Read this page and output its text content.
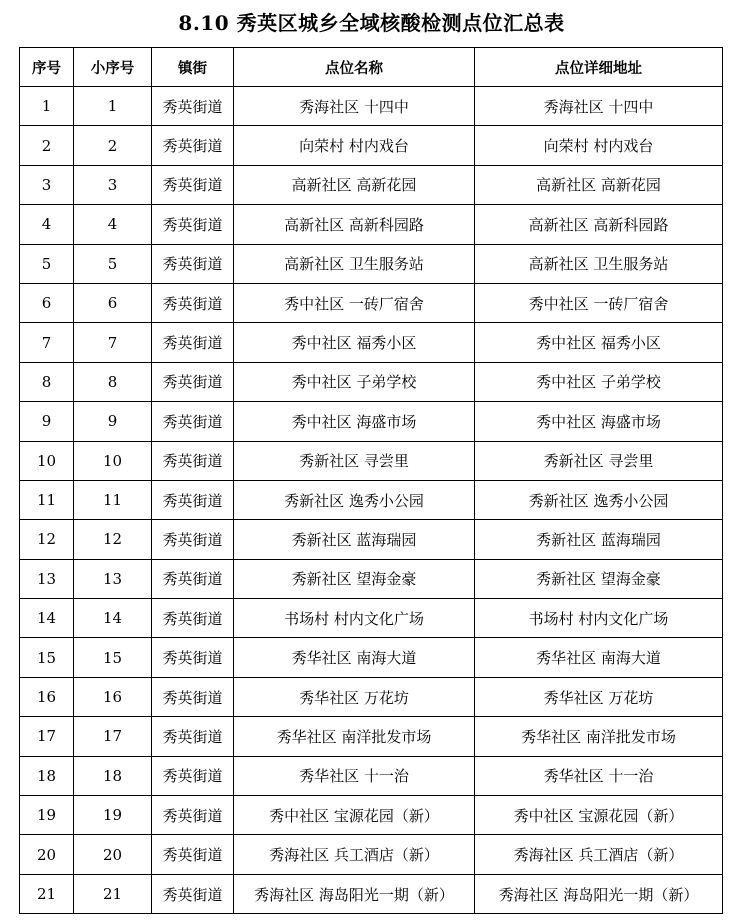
8.10 秀英区城乡全域核酸检测点位汇总表
序号	小序号	镇街	点位名称	点位详细地址
1	1	秀英街道	秀海社区 十四中	秀海社区 十四中
2	2	秀英街道	向荣村 村内戏台	向荣村 村内戏台
3	3	秀英街道	高新社区 高新花园	高新社区 高新花园
4	4	秀英街道	高新社区 高新科园路	高新社区 高新科园路
5	5	秀英街道	高新社区 卫生服务站	高新社区 卫生服务站
6	6	秀英街道	秀中社区 一砖厂宿舍	秀中社区 一砖厂宿舍
7	7	秀英街道	秀中社区 福秀小区	秀中社区 福秀小区
8	8	秀英街道	秀中社区 子弟学校	秀中社区 子弟学校
9	9	秀英街道	秀中社区 海盛市场	秀中社区 海盛市场
10	10	秀英街道	秀新社区 寻尝里	秀新社区 寻尝里
11	11	秀英街道	秀新社区 逸秀小公园	秀新社区 逸秀小公园
12	12	秀英街道	秀新社区 蓝海瑞园	秀新社区 蓝海瑞园
13	13	秀英街道	秀新社区 望海金豪	秀新社区 望海金豪
14	14	秀英街道	书场村 村内文化广场	书场村 村内文化广场
15	15	秀英街道	秀华社区 南海大道	秀华社区 南海大道
16	16	秀英街道	秀华社区 万花坊	秀华社区 万花坊
17	17	秀英街道	秀华社区 南洋批发市场	秀华社区 南洋批发市场
18	18	秀英街道	秀华社区 十一治	秀华社区 十一治
19	19	秀英街道	秀中社区 宝源花园（新）	秀中社区 宝源花园（新）
20	20	秀英街道	秀海社区 兵工酒店（新）	秀海社区 兵工酒店（新）
21	21	秀英街道	秀海社区 海岛阳光一期（新）	秀海社区 海岛阳光一期（新）
